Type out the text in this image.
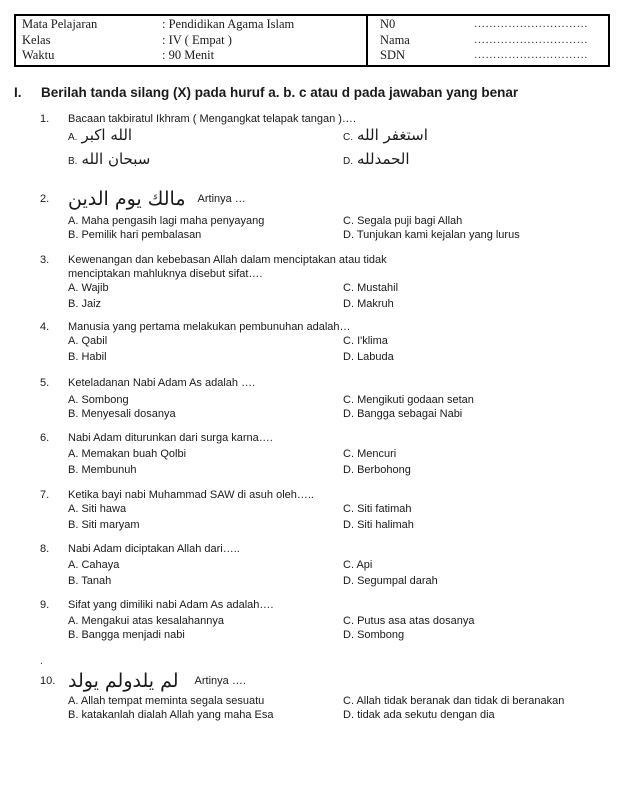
Mata Pelajaran	: Pendidikan Agama Islam
Kelas	: IV ( Empat )
Waktu	: 90 Menit
N0	…………………………
Nama	…………………………
SDN	…………………………
I.	Berilah tanda silang (X) pada huruf a. b. c atau d pada jawaban yang benar
1.	Bacaan takbiratul Ikhram ( Mengangkat telapak tangan )….
A. الله اكبر	C. استغفر الله
B. سبحان الله	D. الحمدلله
2. مالك يوم الدين Artinya …
A. Maha pengasih lagi maha penyayang	C. Segala puji bagi Allah
B. Pemilik hari pembalasan	D. Tunjukan kami kejalan yang lurus
3.	Kewenangan dan kebebasan Allah dalam menciptakan atau tidak
menciptakan mahluknya disebut sifat….
A. Wajib	C. Mustahil
B. Jaiz	D. Makruh
4.	Manusia yang pertama melakukan pembunuhan adalah…
A. Qabil	C. I'klima
B. Habil	D. Labuda
5.	Keteladanan Nabi Adam As adalah ….
A. Sombong	C. Mengikuti godaan setan
B. Menyesali dosanya	D. Bangga sebagai Nabi
6.	Nabi Adam diturunkan dari surga karna….
A. Memakan buah Qolbi	C. Mencuri
B. Membunuh	D. Berbohong
7.	Ketika bayi nabi Muhammad SAW di asuh oleh…..
A. Siti hawa	C. Siti fatimah
B. Siti maryam	D. Siti halimah
8.	Nabi Adam diciptakan Allah dari…..
A. Cahaya	C. Api
B. Tanah	D. Segumpal darah
9.	Sifat yang dimiliki nabi Adam As adalah….
A. Mengakui atas kesalahannya	C. Putus asa atas dosanya
B. Bangga menjadi nabi	D. Sombong
.
10. لم يلدولم يولد Artinya ….
A. Allah tempat meminta segala sesuatu	C. Allah tidak beranak dan tidak di beranakan
B. katakanlah dialah Allah yang maha Esa	D. tidak ada sekutu dengan dia
